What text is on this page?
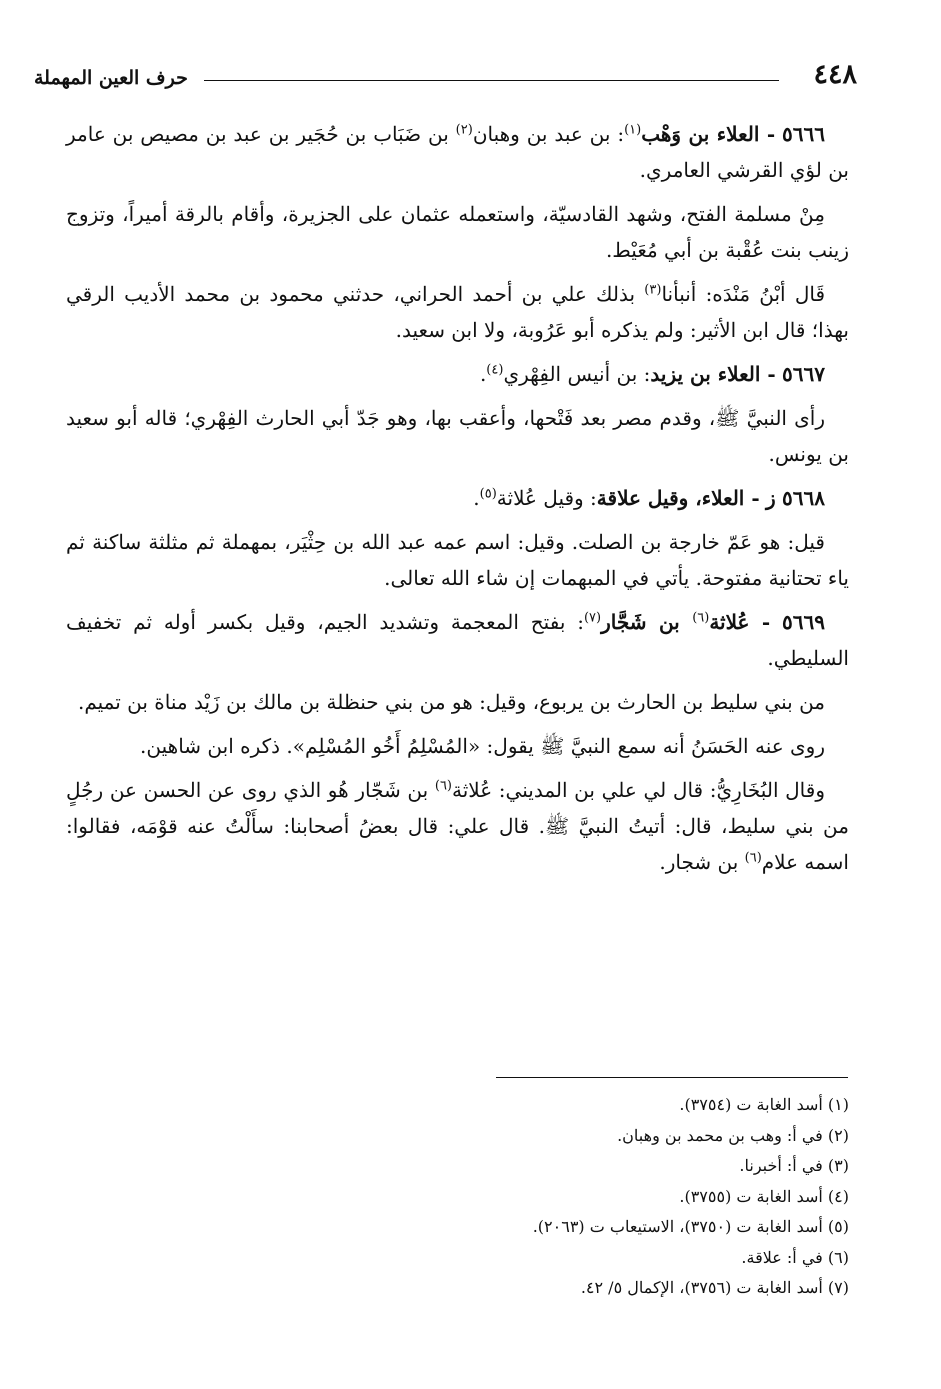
٤٤٨
حرف العين المهملة

٥٦٦٦ - العلاء بن وَهْب$^{(١)}$: بن عبد بن وهبان$^{(٢)}$ بن ضَبَاب بن حُجَير بن عبد بن مصيص بن عامر بن لؤي القرشي العامري.

مِنْ مسلمة الفتح، وشهد القادسيّة، واستعمله عثمان على الجزيرة، وأقام بالرقة أميراً، وتزوج زينب بنت عُقْبة بن أبي مُعَيْط.

قَال أبْنُ مَنْدَه: أنبأنا$^{(٣)}$ بذلك علي بن أحمد الحراني، حدثني محمود بن محمد الأديب الرقي بهذا؛ قال ابن الأثير: ولم يذكره أبو عَرُوبة، ولا ابن سعيد.

٥٦٦٧ - العلاء بن يزيد: بن أنيس الفِهْري$^{(٤)}$.

رأى النبيَّ ﷺ، وقدم مصر بعد فَتْحها، وأعقب بها، وهو جَدّ أبي الحارث الفِهْري؛ قاله أبو سعيد بن يونس.

٥٦٦٨ ز - العلاء، وقيل علاقة: وقيل عُلاثة$^{(٥)}$.

قيل: هو عَمّ خارجة بن الصلت. وقيل: اسم عمه عبد الله بن حِثْيَر، بمهملة ثم مثلثة ساكنة ثم ياء تحتانية مفتوحة. يأتي في المبهمات إن شاء الله تعالى.

٥٦٦٩ - عُلاثة$^{(٦)}$ بن شَجَّار$^{(٧)}$: بفتح المعجمة وتشديد الجيم، وقيل بكسر أوله ثم تخفيف السليطي.

من بني سليط بن الحارث بن يربوع، وقيل: هو من بني حنظلة بن مالك بن زَيْد مناة بن تميم.

روى عنه الحَسَنُ أنه سمع النبيَّ ﷺ يقول: «المُسْلِمُ أَخُو المُسْلِم». ذكره ابن شاهين.

وقال البُخَارِيُّ: قال لي علي بن المديني: عُلاثة$^{(٦)}$ بن شَجّار هُو الذي روى عن الحسن عن رجُلٍ من بني سليط، قال: أتيتُ النبيَّ ﷺ. قال علي: قال بعضُ أصحابنا: سأَلْتُ عنه قوْمَه، فقالوا: اسمه علام$^{(٦)}$ بن شجار.

(١) أسد الغابة ت (٣٧٥٤).

(٢) في أ: وهب بن محمد بن وهبان.

(٣) في أ: أخبرنا.

(٤) أسد الغابة ت (٣٧٥٥).

(٥) أسد الغابة ت (٣٧٥٠)، الاستيعاب ت (٢٠٦٣).

(٦) في أ: علاقة.

(٧) أسد الغابة ت (٣٧٥٦)، الإكمال ٥/ ٤٢.
